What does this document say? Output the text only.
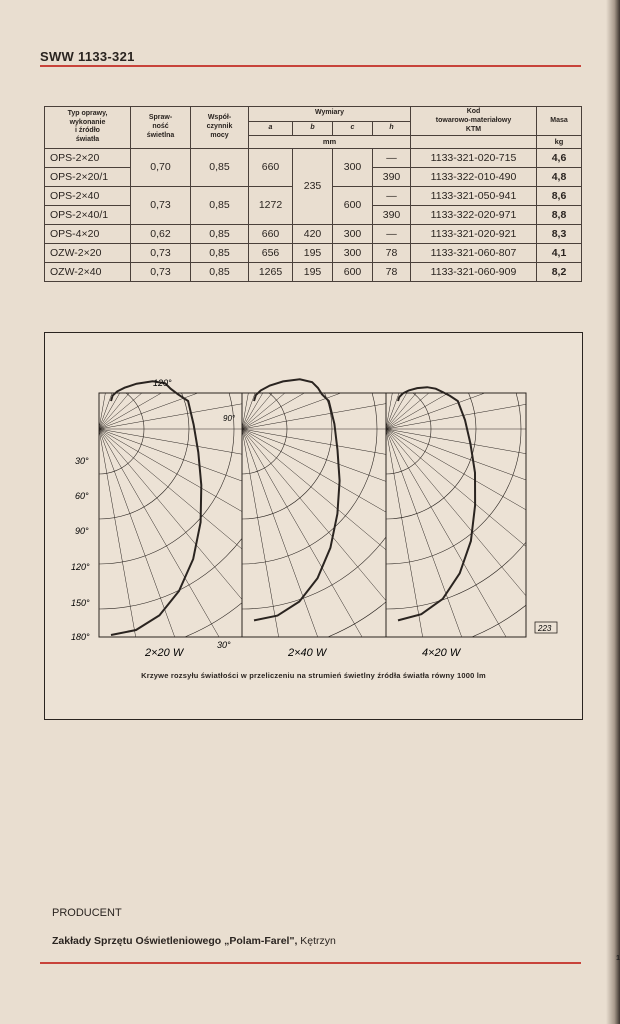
SWW 1133-321
Typ oprawy,
wykonanie
i źródło
światła	Spraw-
ność
świetlna	Współ-
czynnik
mocy	Wymiary				Kod
towarowo-materiałowy
KTM	Masa
			a	b	c	h		
			mm					kg
OPS-2×20	0,70	0,85	660	235	300	—	1133-321-020-715	4,6
OPS-2×20/1						390	1133-322-010-490	4,8
OPS-2×40	0,73	0,85	1272		600	—	1133-321-050-941	8,6
OPS-2×40/1						390	1133-322-020-971	8,8
OPS-4×20	0,62	0,85	660	420	300	—	1133-321-020-921	8,3
OZW-2×20	0,73	0,85	656	195	300	78	1133-321-060-807	4,1
OZW-2×40	0,73	0,85	1265	195	600	78	1133-321-060-909	8,2
120°
90°
30°
60°
90°
120°
150°
180°
30°
2×20 W	2×40 W	4×20 W
223
Krzywe rozsyłu światłości w przeliczeniu na strumień świetlny źródła światła równy 1000 lm
PRODUCENT
Zakłady Sprzętu Oświetleniowego „Polam-Farel", Kętrzyn
1
